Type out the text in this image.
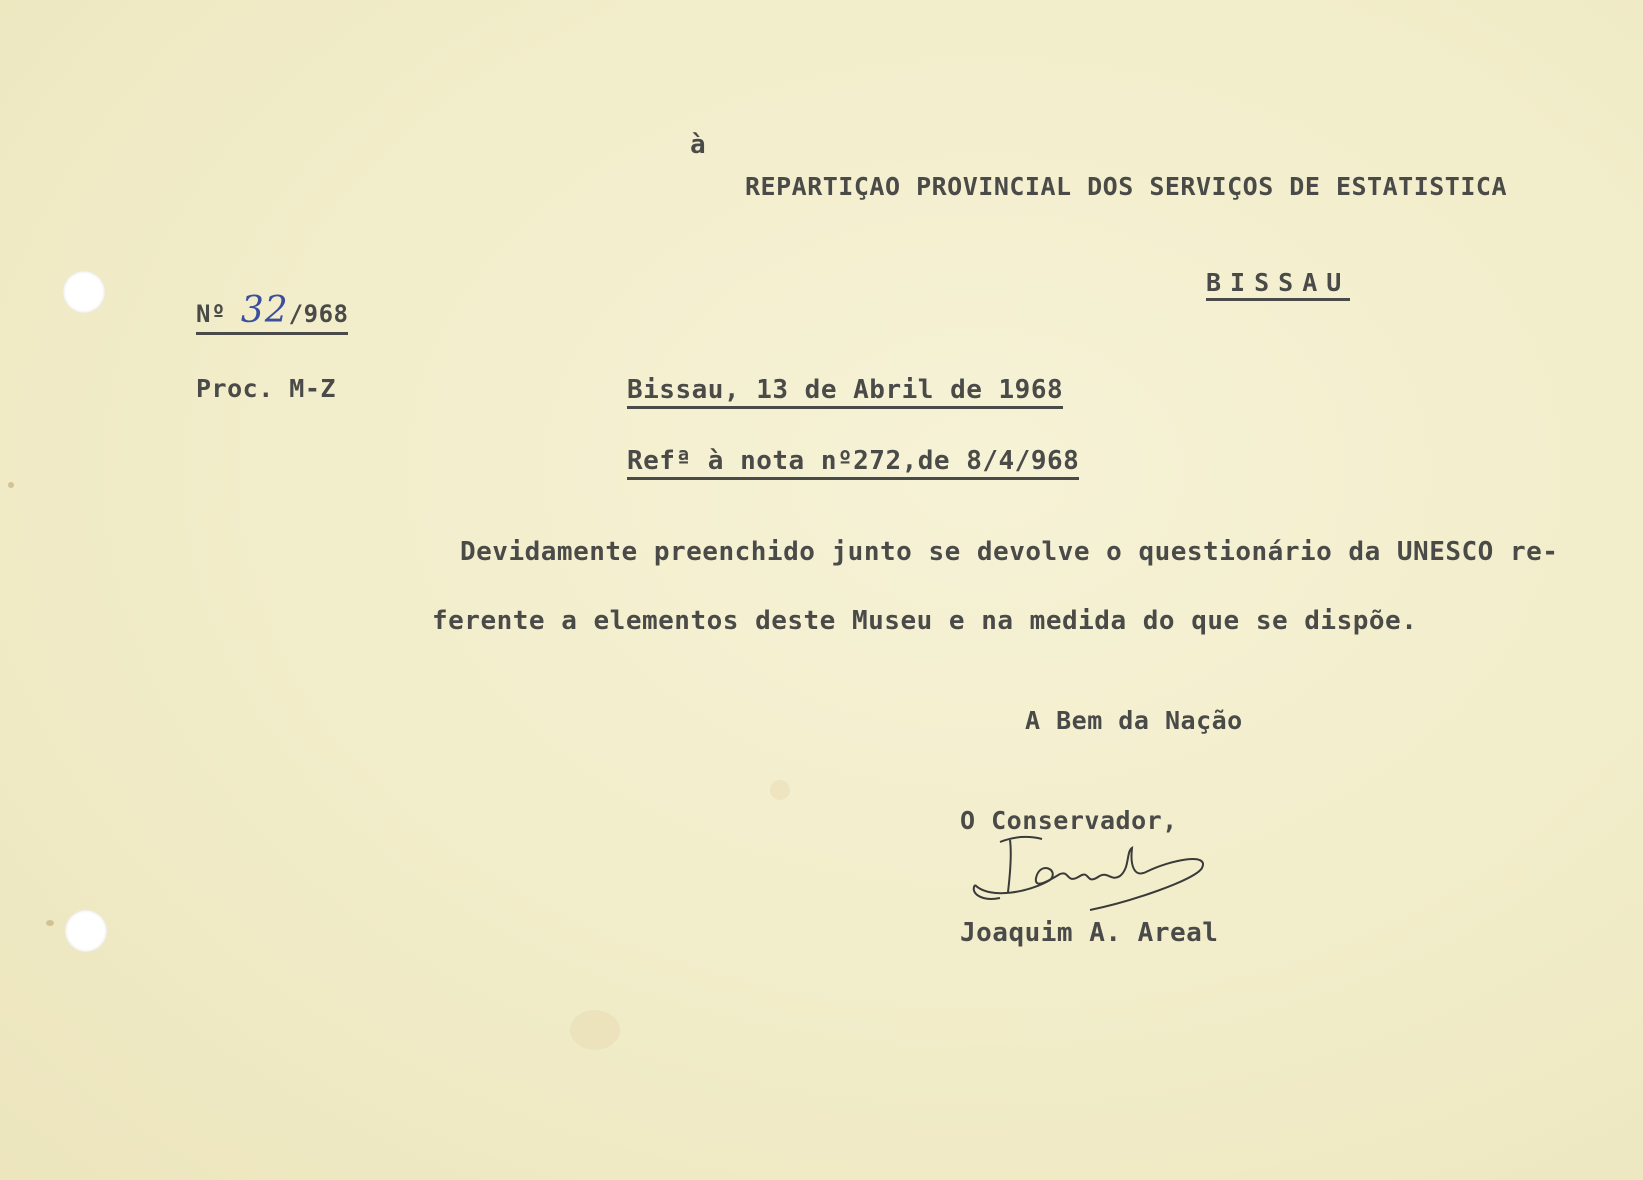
à
REPARTIÇAO PROVINCIAL DOS SERVIÇOS DE ESTATISTICA
BISSAU
Nº 32/968
Proc. M-Z	Bissau, 13 de Abril de 1968
Refª à nota nº272,de 8/4/968
Devidamente preenchido junto se devolve o questionário da UNESCO re-
ferente a elementos deste Museu e na medida do que se dispõe.
A Bem da Nação
O Conservador,
Joaquim A. Areal
